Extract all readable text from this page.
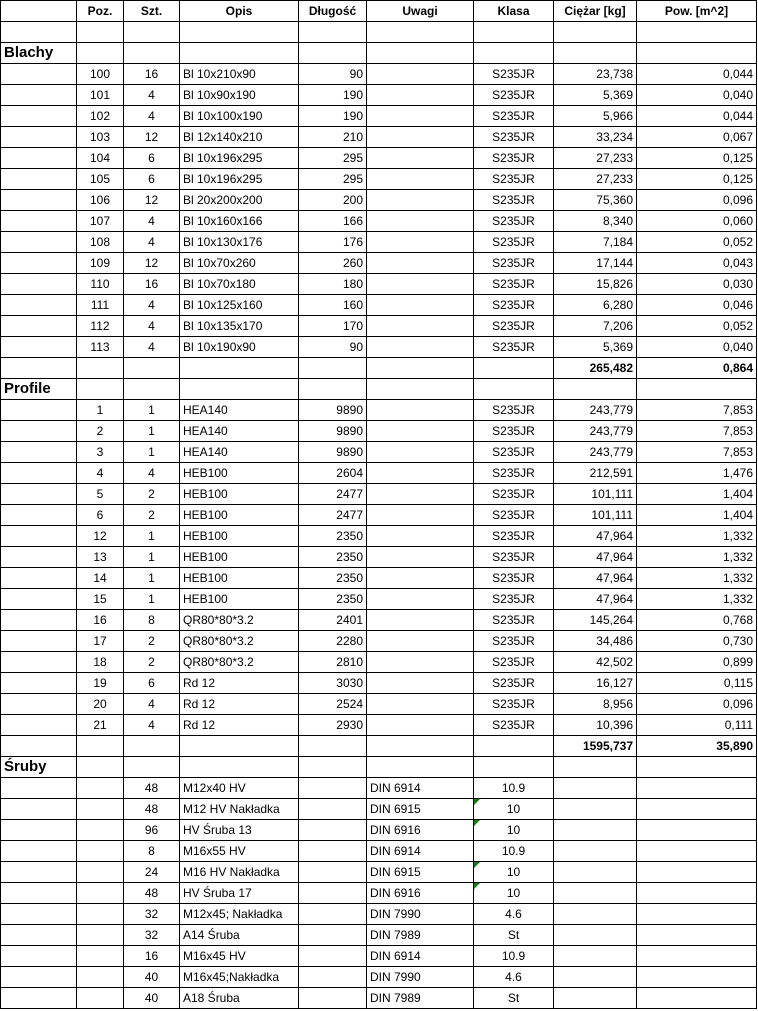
	Poz.	Szt.	Opis	Długość	Uwagi	Klasa	Ciężar [kg]	Pow. [m^2]

Blachy								
	100	16	Bl 10x210x90	90		S235JR	23,738	0,044
	101	4	Bl 10x90x190	190		S235JR	5,369	0,040
	102	4	Bl 10x100x190	190		S235JR	5,966	0,044
	103	12	Bl 12x140x210	210		S235JR	33,234	0,067
	104	6	Bl 10x196x295	295		S235JR	27,233	0,125
	105	6	Bl 10x196x295	295		S235JR	27,233	0,125
	106	12	Bl 20x200x200	200		S235JR	75,360	0,096
	107	4	Bl 10x160x166	166		S235JR	8,340	0,060
	108	4	Bl 10x130x176	176		S235JR	7,184	0,052
	109	12	Bl 10x70x260	260		S235JR	17,144	0,043
	110	16	Bl 10x70x180	180		S235JR	15,826	0,030
	111	4	Bl 10x125x160	160		S235JR	6,280	0,046
	112	4	Bl 10x135x170	170		S235JR	7,206	0,052
	113	4	Bl 10x190x90	90		S235JR	5,369	0,040
							265,482	0,864
Profile								
	1	1	HEA140	9890		S235JR	243,779	7,853
	2	1	HEA140	9890		S235JR	243,779	7,853
	3	1	HEA140	9890		S235JR	243,779	7,853
	4	4	HEB100	2604		S235JR	212,591	1,476
	5	2	HEB100	2477		S235JR	101,111	1,404
	6	2	HEB100	2477		S235JR	101,111	1,404
	12	1	HEB100	2350		S235JR	47,964	1,332
	13	1	HEB100	2350		S235JR	47,964	1,332
	14	1	HEB100	2350		S235JR	47,964	1,332
	15	1	HEB100	2350		S235JR	47,964	1,332
	16	8	QR80*80*3.2	2401		S235JR	145,264	0,768
	17	2	QR80*80*3.2	2280		S235JR	34,486	0,730
	18	2	QR80*80*3.2	2810		S235JR	42,502	0,899
	19	6	Rd 12	3030		S235JR	16,127	0,115
	20	4	Rd 12	2524		S235JR	8,956	0,096
	21	4	Rd 12	2930		S235JR	10,396	0,111
							1595,737	35,890
Śruby								
		48	M12x40 HV		DIN 6914	10.9		
		48	M12 HV Nakładka		DIN 6915	10		
		96	HV Śruba 13		DIN 6916	10		
		8	M16x55 HV		DIN 6914	10.9		
		24	M16 HV Nakładka		DIN 6915	10		
		48	HV Śruba 17		DIN 6916	10		
		32	M12x45; Nakładka		DIN 7990	4.6		
		32	A14 Śruba		DIN 7989	St		
		16	M16x45 HV		DIN 6914	10.9		
		40	M16x45;Nakładka		DIN 7990	4.6		
		40	A18 Śruba		DIN 7989	St		
